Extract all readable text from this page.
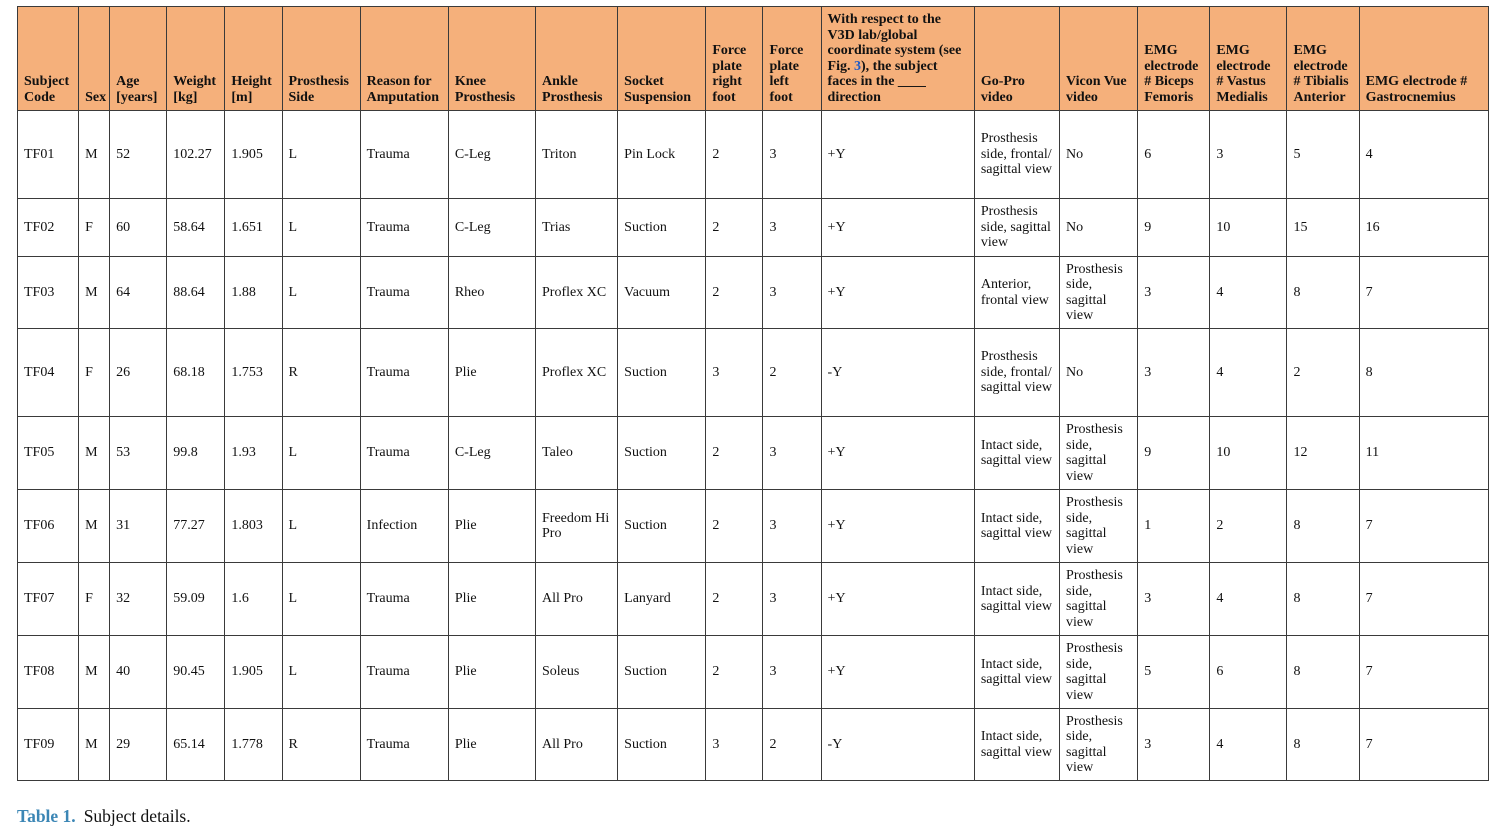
Subject Code	Sex	Age [years]	Weight [kg]	Height [m]	Prosthesis Side	Reason for Amputation	Knee Prosthesis	Ankle Prosthesis	Socket Suspension	Force plate right foot	Force plate left foot	With respect to the V3D lab/global coordinate system (see Fig. 3), the subject faces in the ____ direction	Go-Pro video	Vicon Vue video	EMG electrode # Biceps Femoris	EMG electrode # Vastus Medialis	EMG electrode # Tibialis Anterior	EMG electrode # Gastrocnemius
TF01	M	52	102.27	1.905	L	Trauma	C-Leg	Triton	Pin Lock	2	3	+Y	Prosthesis side, frontal/ sagittal view	No	6	3	5	4
TF02	F	60	58.64	1.651	L	Trauma	C-Leg	Trias	Suction	2	3	+Y	Prosthesis side, sagittal view	No	9	10	15	16
TF03	M	64	88.64	1.88	L	Trauma	Rheo	Proflex XC	Vacuum	2	3	+Y	Anterior, frontal view	Prosthesis side, sagittal view	3	4	8	7
TF04	F	26	68.18	1.753	R	Trauma	Plie	Proflex XC	Suction	3	2	-Y	Prosthesis side, frontal/ sagittal view	No	3	4	2	8
TF05	M	53	99.8	1.93	L	Trauma	C-Leg	Taleo	Suction	2	3	+Y	Intact side, sagittal view	Prosthesis side, sagittal view	9	10	12	11
TF06	M	31	77.27	1.803	L	Infection	Plie	Freedom Hi Pro	Suction	2	3	+Y	Intact side, sagittal view	Prosthesis side, sagittal view	1	2	8	7
TF07	F	32	59.09	1.6	L	Trauma	Plie	All Pro	Lanyard	2	3	+Y	Intact side, sagittal view	Prosthesis side, sagittal view	3	4	8	7
TF08	M	40	90.45	1.905	L	Trauma	Plie	Soleus	Suction	2	3	+Y	Intact side, sagittal view	Prosthesis side, sagittal view	5	6	8	7
TF09	M	29	65.14	1.778	R	Trauma	Plie	All Pro	Suction	3	2	-Y	Intact side, sagittal view	Prosthesis side, sagittal view	3	4	8	7
Table 1. Subject details.
